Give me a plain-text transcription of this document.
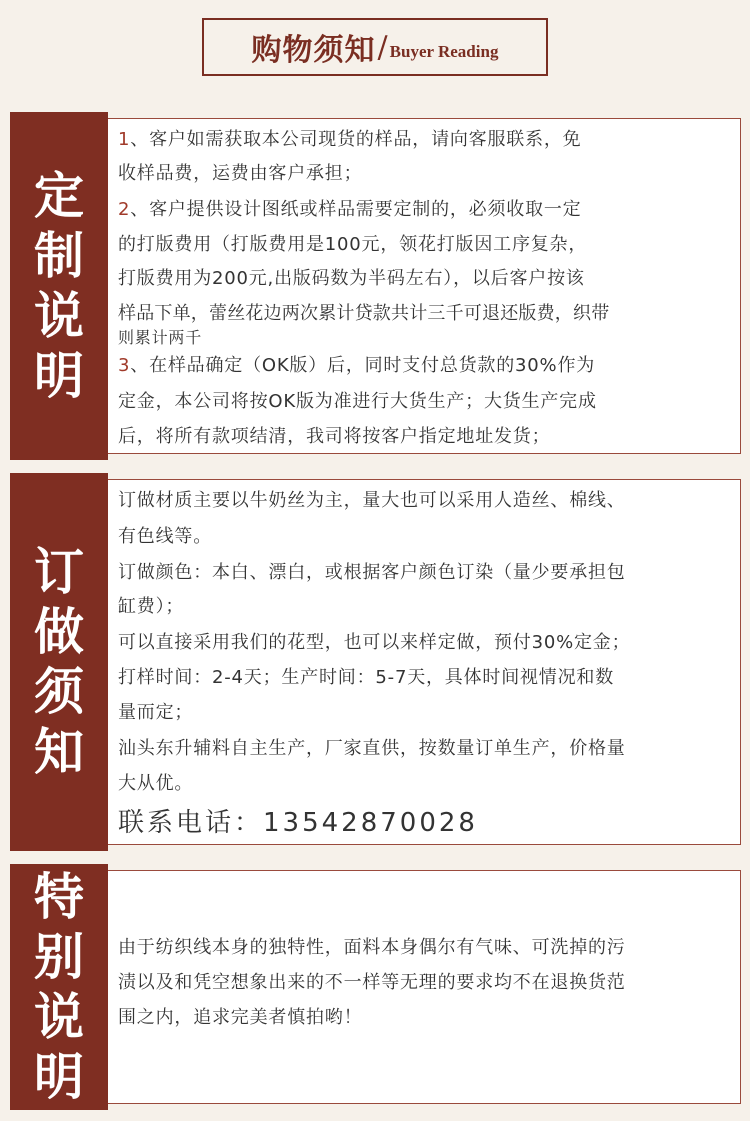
购物须知 / Buyer Reading
定
制
说
明
1、客户如需获取本公司现货的样品，请向客服联系，免
收样品费，运费由客户承担；
2、客户提供设计图纸或样品需要定制的，必须收取一定
的打版费用（打版费用是100元，领花打版因工序复杂，
打版费用为200元,出版码数为半码左右），以后客户按该
样品下单，蕾丝花边两次累计贷款共计三千可退还版费，织带
则累计两千
3、在样品确定（OK版）后，同时支付总货款的30%作为
定金，本公司将按OK版为准进行大货生产；大货生产完成
后，将所有款项结清，我司将按客户指定地址发货；
订
做
须
知
订做材质主要以牛奶丝为主，量大也可以采用人造丝、棉线、
有色线等。
订做颜色：本白、漂白，或根据客户颜色订染（量少要承担包
缸费）；
可以直接采用我们的花型，也可以来样定做，预付30%定金；
打样时间：2-4天；生产时间：5-7天，具体时间视情况和数
量而定；
汕头东升辅料自主生产，厂家直供，按数量订单生产，价格量
大从优。
联系电话：13542870028
特
别
说
明
由于纺织线本身的独特性，面料本身偶尔有气味、可洗掉的污
渍以及和凭空想象出来的不一样等无理的要求均不在退换货范
围之内，追求完美者慎拍哟！
